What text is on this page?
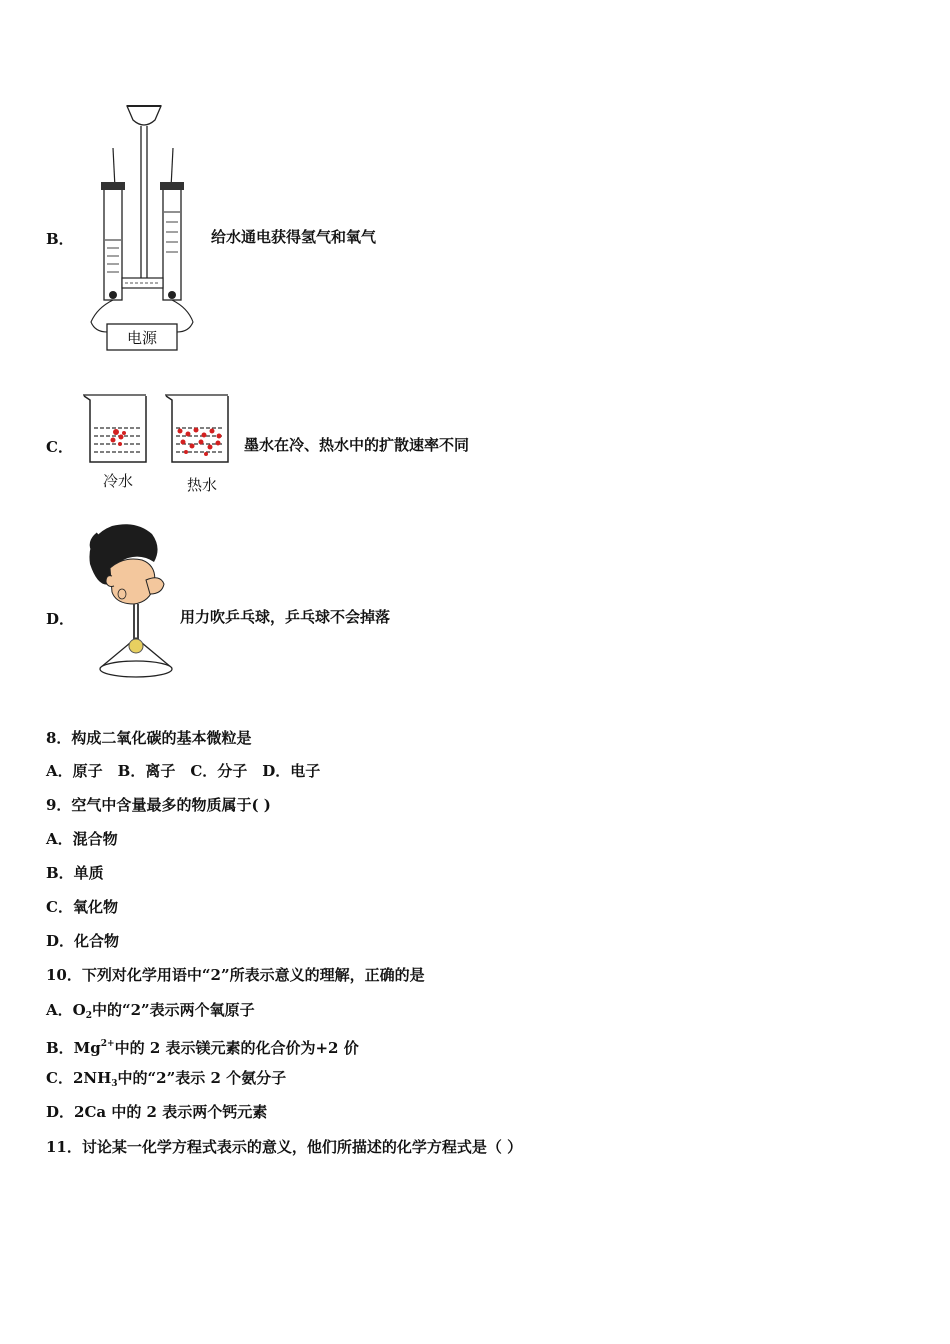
B．
电源
给水通电获得氢气和氧气
C．
冷水	热水
墨水在冷、热水中的扩散速率不同
D．	用力吹乒乓球，乒乓球不会掉落
8．构成二氧化碳的基本微粒是
A．原子　B．离子　C．分子　D．电子
9．空气中含量最多的物质属于( )
A．混合物
B．单质
C．氧化物
D．化合物
10．下列对化学用语中“2”所表示意义的理解，正确的是
A．$O_2$中的“2”表示两个氧原子
B．$Mg^{2+}$中的 2 表示镁元素的化合价为+2 价
C．$2NH_3$中的“2”表示 2 个氨分子
D．2Ca 中的 2 表示两个钙元素
11．讨论某一化学方程式表示的意义，他们所描述的化学方程式是（ ）
